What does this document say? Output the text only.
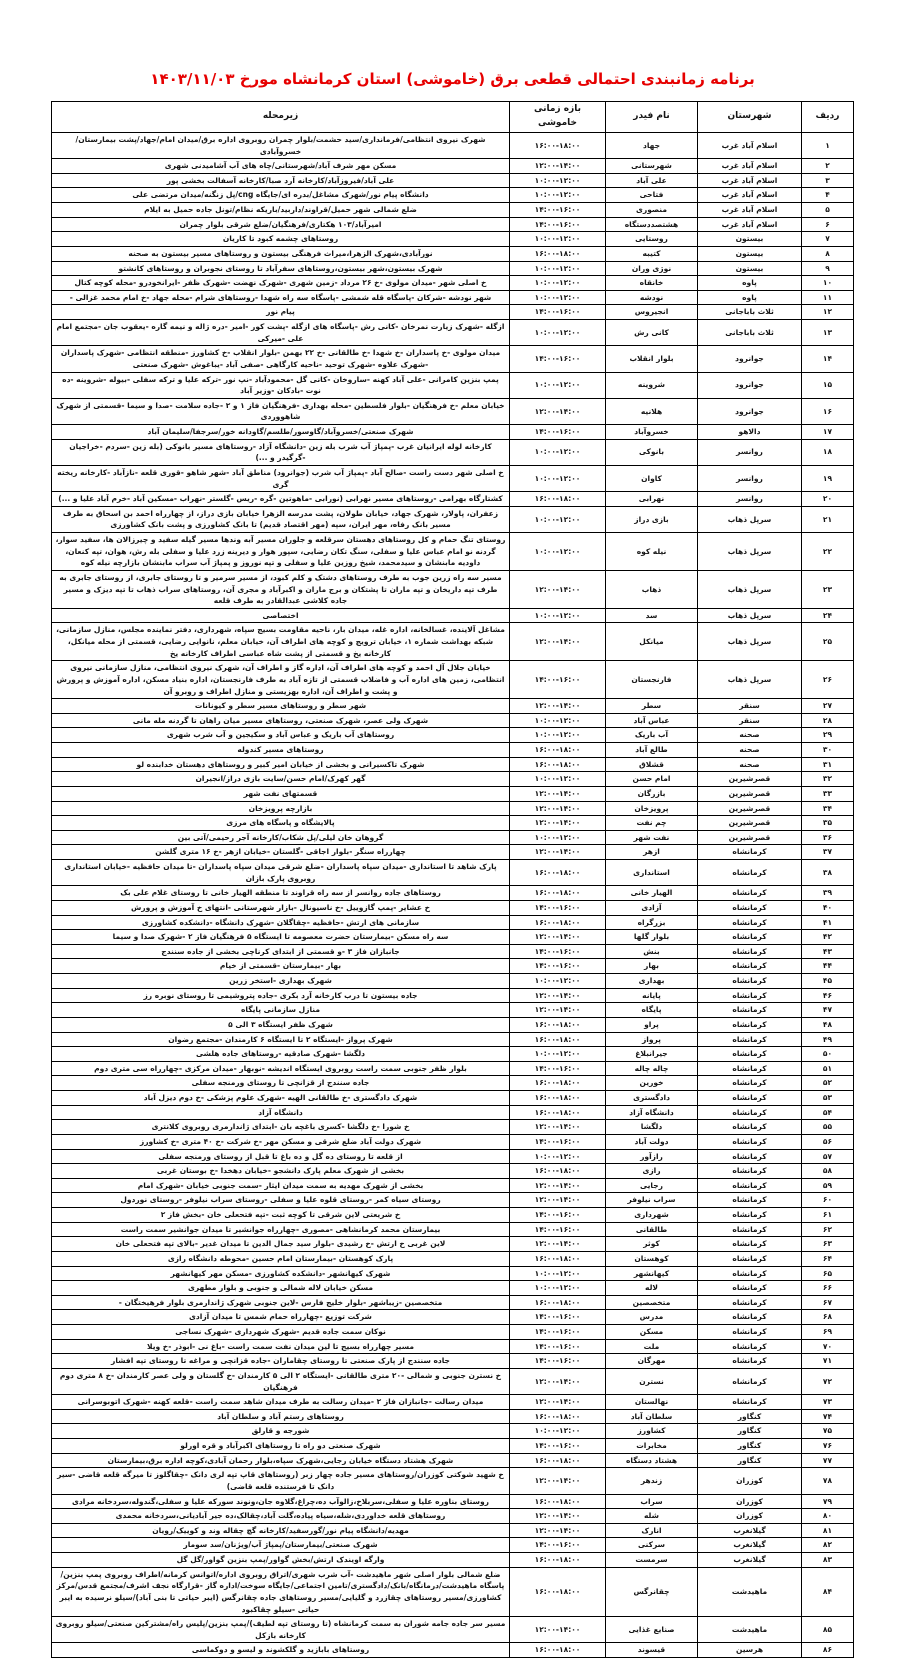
برنامه زمانبندی احتمالی قطعی برق (خاموشی) استان کرمانشاه مورخ ۱۴۰۳/۱۱/۰۳
ردیف	شهرستان	نام فیدر	بازه زمانی خاموشی	زیرمحله
۱	اسلام آباد غرب	جهاد	۱۶:۰۰-۱۸:۰۰	شهرک نیروی انتظامی/فرمانداری/سید حشمت/بلوار چمران روبروی اداره برق/میدان امام/جهاد/پشت بیمارستان/خسروآبادی
۲	اسلام آباد غرب	شهرستانی	۱۲:۰۰-۱۴:۰۰	مسکن مهر شرف آباد/شهرستانی/چاه های آب آشامیدنی شهری
۳	اسلام آباد غرب	علی آباد	۱۰:۰۰-۱۲:۰۰	علی آباد/فیروزآباد/کارخانه آرد صبا/کارخانه آسفالت بخشی پور
۴	اسلام آباد غرب	فتاحی	۱۰:۰۰-۱۲:۰۰	دانشگاه پیام نور/شهرک مشاغل/بدره ای/جایگاه cng/پل زنگنه/میدان مرتضی علی
۵	اسلام آباد غرب	منصوری	۱۴:۰۰-۱۶:۰۰	ضلع شمالی شهر حمیل/قراوند/داربید/باریکه نظام/تونل جاده حمیل به ایلام
۶	اسلام آباد غرب	هشتصددستگاه	۱۴:۰۰-۱۶:۰۰	امیرآباد/۱۰۳ هکتاری/فرهنگیان/ضلع شرقی بلوار چمران
۷	بیستون	روستایی	۱۰:۰۰-۱۲:۰۰	روستاهای چشمه کبود تا کاریان
۸	بیستون	کتیبه	۱۶:۰۰-۱۸:۰۰	نورآبادی،شهرک الزهرا،میراث فرهنگی بیستون و روستاهای مسیر بیستون به صحنه
۹	بیستون	نوژی وران	۱۰:۰۰-۱۲:۰۰	شهرک بیستون،شهر بیستون،روستاهای سفرآباد تا روستای نجوبران و روستاهای کانشتو
۱۰	پاوه	خانقاه	۱۰:۰۰-۱۲:۰۰	خ اصلی شهر -میدان مولوی -خ ۲۶ مرداد -زمین شهری -شهرک نهضت -شهرک ظفر -ایرانخودرو -محله کوچه کتال
۱۱	پاوه	نودشه	۱۰:۰۰-۱۲:۰۰	شهر نودشه -شرکان -پاسگاه قله شمشی -پاسگاه سه راه شهدا -روستاهای شرام -محله جهاد -خ امام محمد غزالی -
۱۲	ثلاث باباجانی	انجیروس	۱۴:۰۰-۱۶:۰۰	پیام نور
۱۳	ثلاث باباجانی	کانی رش	۱۰:۰۰-۱۲:۰۰	ازگله -شهرک زیارت نمرخان -کانی رش -پاسگاه های ازگله -پشت کور -امیر -دره ژاله و نیمه گاره -یعقوب جان -مجتمع امام علی -میرکی
۱۴	جوانرود	بلوار انقلاب	۱۴:۰۰-۱۶:۰۰	میدان مولوی -خ پاسداران -خ شهدا -خ طالقانی -خ ۲۲ بهمن -بلوار انقلاب -خ کشاورز -منطقه انتظامی -شهرک پاسداران -شهرک علاوه -شهرک توحید -ناحیه کارگاهی -صفی آباد -یباغوش -شهرک صنعتی
۱۵	جوانرود	شروینه	۱۰:۰۰-۱۲:۰۰	پمپ بنزین کامرانی -علی آباد کهنه -ساروخان -کانی گل -محمودآباد -نپ نور -ترکه علیا و ترکه سفلی -بیوله -شروینه -ده نوت -بادکان -وزیر آباد
۱۶	جوانرود	هلانیه	۱۲:۰۰-۱۴:۰۰	خیابان معلم -خ فرهنگیان -بلوار فلسطین -محله بهداری -فرهنگیان فاز ۱ و ۲ -جاده سلامت -صدا و سیما -قسمتی از شهرک شاهووردی
۱۷	دالاهو	خسروآباد	۱۴:۰۰-۱۶:۰۰	شهرک صنعتی/خسروآباد/گاوسور/طلسم/گاودانه خور/سرجفا/سلیمان آباد
۱۸	روانسر	بانوکی	۱۰:۰۰-۱۲:۰۰	کارخانه لوله ایرانیان غرب -پمپاژ آب شرب بله زین -دانشگاه آزاد -روستاهای مسیر بانوکی (بله زین -سردم -خراجیان -گرگیدر و ...)
۱۹	روانسر	کاوان	۱۰:۰۰-۱۲:۰۰	خ اصلی شهر دست راست -صالح آباد -پمپاژ آب شرب (جوانرود) مناطق آباد -شهر شاهو -قوری قلعه -نازآباد -کارخانه ریخته گری
۲۰	روانسر	نهرابی	۱۶:۰۰-۱۸:۰۰	کشتارگاه بهرامی -روستاهای مسیر نهرابی (نورابی -ماهوتین -گره -ریس -گلستر -نهراب -مسکین آباد -خرم آباد علیا و ...)
۲۱	سرپل ذهاب	بازی دراز	۱۰:۰۰-۱۲:۰۰	زعفران، پاولار، شهرک جهاد، خیابان طولان، پشت مدرسه الزهرا خیابان بازی دراز، از چهارراه احمد بن اسحاق به طرف مسیر بانک رفاه، مهر ایران، سپه (مهر اقتصاد قدیم) تا بانک کشاورزی و پشت بانک کشاورزی
۲۲	سرپل ذهاب	نیله کوه	۱۰:۰۰-۱۲:۰۰	روستای تنگ حمام و کل روستاهای دهستان سرقلعه و جلوران مسیر آبه وندها مسیر گیله سفید و چیرزالان ها، سفید سوار، گردنه نو امام عباس علیا و سفلی، سنگ تکان رضایی، سپور هوار و دیرینه زرد علیا و سفلی بله رش، هوان، تپه کنعان، داودیه مابنشان و سیدمحمد، شیخ روزین علیا و سفلی و تپه نوروز و پمپاژ آب سراب مابنشان بازارچه نیله کوه
۲۳	سرپل ذهاب	ذهاب	۱۲:۰۰-۱۴:۰۰	مسیر سه راه زرین جوب به طرف روستاهای دشتک و کلم کبود، از مسیر سرمیر و تا روستای جابری، از روستای جابری به طرف تپه داریخان و تپه ماران تا پشتکان و برج ماران و اکبرآباد و مجری آن، روستاهای سراب ذهاب تا تپه دیزک و مسیر جاده کلاشی عبدالقادر به طرف قلعه
۲۴	سرپل ذهاب	سد	۱۰:۰۰-۱۲:۰۰	اختصاصی
۲۵	سرپل ذهاب	میانکل	۱۲:۰۰-۱۴:۰۰	مشاغل آلاینده، غسالخانه، اداره غله، میدان بار، ناحیه مقاومت بسیج سپاه، شهرداری، دفتر نماینده مجلس، منازل سازمانی، شبکه بهداشت شماره ۱، خیابان ترویج و کوچه های اطراف آن، خیابان معلم، نانوایی رضایی، قسمتی از محله میانکل، کارخانه یخ و قسمتی از پشت شاه عباسی اطراف کارخانه یخ
۲۶	سرپل ذهاب	فارنجستان	۱۴:۰۰-۱۶:۰۰	خیابان جلال آل احمد و کوچه های اطراف آن، اداره گاز و اطراف آن، شهرک نیروی انتظامی، منازل سازمانی نیروی انتظامی، زمین های اداره آب و فاضلاب قسمتی از تازه آباد به طرف فارنجستان، اداره بنیاد مسکن، اداره آموزش و پرورش و پشت و اطراف آن، اداره بهزیستی و منازل اطراف و روبرو آن
۲۷	سنقر	سطر	۱۲:۰۰-۱۴:۰۰	شهر سطر و روستاهای مسیر سطر و کیونانات
۲۸	سنقر	عباس آباد	۱۰:۰۰-۱۲:۰۰	شهرک ولی عصر، شهرک صنعتی، روستاهای مسیر میان راهان تا گردنه مله مانی
۲۹	صحنه	آب باریک	۱۰:۰۰-۱۲:۰۰	روستاهای آب باریک و عباس آباد و سکیجین و آب شرب شهری
۳۰	صحنه	طالع آباد	۱۶:۰۰-۱۸:۰۰	روستاهای مسیر کندوله
۳۱	صحنه	قشلاق	۱۶:۰۰-۱۸:۰۰	شهرک تاکسیرانی و بخشی از خیابان امیر کبیر و روستاهای دهستان خدابنده لو
۳۲	قصرشیرین	امام حسن	۱۰:۰۰-۱۲:۰۰	گهر کهرک/امام حسن/سایت بازی دراز/انجیران
۳۳	قصرشیرین	بازرگان	۱۲:۰۰-۱۴:۰۰	قسمتهای نفت شهر
۳۴	قصرشیرین	پرویزخان	۱۲:۰۰-۱۴:۰۰	بازارچه پرویزخان
۳۵	قصرشیرین	چم نفت	۱۲:۰۰-۱۴:۰۰	پالایشگاه و پاسگاه های مرزی
۳۶	قصرشیرین	نفت شهر	۱۰:۰۰-۱۲:۰۰	گروهان خان لیلی/پل شکاب/کارخانه آجر رحیمی/آتی بین
۳۷	کرمانشاه	ازهر	۱۲:۰۰-۱۴:۰۰	چهارراه سنگر -بلوار اجاقی -گلستان -خیابان ازهر -خ ۱۶ متری گلشن
۳۸	کرمانشاه	استانداری	۱۶:۰۰-۱۸:۰۰	پارک شاهد تا استانداری -میدان سپاه پاسداران -ضلع شرقی میدان سپاه پاسداران -تا میدان حافظیه -خیابان استانداری روبروی پارک بازان
۳۹	کرمانشاه	الهیار خانی	۱۶:۰۰-۱۸:۰۰	روستاهای جاده روانسر از سه راه قراوند تا منطقه الهیار خانی تا روستای غلام علی بک
۴۰	کرمانشاه	آزادی	۱۴:۰۰-۱۶:۰۰	خ عشایر -پمپ گازوییل -خ ناسیونال -بازار شهرستانی -انتهای خ آموزش و پرورش
۴۱	کرمانشاه	بزرگراه	۱۶:۰۰-۱۸:۰۰	سازمانی های ارتش -حافظیه -چقاگلان -شهرک دانشگاه -دانشکده کشاورزی
۴۲	کرمانشاه	بلوار گلها	۱۲:۰۰-۱۴:۰۰	سه راه مسکن -بیمارستان حضرت معصومه تا ایستگاه ۵ فرهنگیان فاز ۲ -شهرک صدا و سیما
۴۳	کرمانشاه	بنش	۱۴:۰۰-۱۶:۰۰	جانبازان فاز ۳ -و قسمتی از ابتدای کرناچی بخشی از جاده سنندج
۴۴	کرمانشاه	بهار	۱۴:۰۰-۱۶:۰۰	بهار -بیمارستان -قسمتی از خیام
۴۵	کرمانشاه	بهداری	۱۰:۰۰-۱۲:۰۰	شهرک بهداری -استخر زرین
۴۶	کرمانشاه	پایانه	۱۲:۰۰-۱۴:۰۰	جاده بیستون تا درب کارخانه آرد بکری -جاده پتروشیمی تا روستای نوبره رز
۴۷	کرمانشاه	پایگاه	۱۲:۰۰-۱۴:۰۰	منازل سازمانی پایگاه
۴۸	کرمانشاه	پراو	۱۶:۰۰-۱۸:۰۰	شهرک ظفر ایستگاه ۳ الی ۵
۴۹	کرمانشاه	پرواز	۱۶:۰۰-۱۸:۰۰	شهرک پرواز -ایستگاه ۲ تا ایستگاه ۶ کارمندان -مجتمع رضوان
۵۰	کرمانشاه	جیرانبلاغ	۱۰:۰۰-۱۲:۰۰	دلگشا -شهرک صادقیه -روستاهای جاده هلشی
۵۱	کرمانشاه	چاله چاله	۱۴:۰۰-۱۶:۰۰	بلوار ظفر جنوبی سمت راست روبروی ایستگاه اندیشه -نوبهار -میدان مرکزی -چهارراه سی متری دوم
۵۲	کرمانشاه	خورین	۱۶:۰۰-۱۸:۰۰	جاده سنندج از قزانچی تا روستای ورمنجه سفلی
۵۳	کرمانشاه	دادگستری	۱۶:۰۰-۱۸:۰۰	شهرک دادگستری -خ طالقانی الهیه -شهرک علوم پزشکی -خ دوم دیزل آباد
۵۴	کرمانشاه	دانشگاه آزاد	۱۶:۰۰-۱۸:۰۰	دانشگاه آزاد
۵۵	کرمانشاه	دلگشا	۱۲:۰۰-۱۴:۰۰	خ شورا -خ دلگشا -کسری باغچه بان -ابتدای ژاندارمری روبروی کلانتری
۵۶	کرمانشاه	دولت آباد	۱۴:۰۰-۱۶:۰۰	شهرک دولت آباد ضلع شرقی و مسکن مهر -خ شرکت -خ ۴۰ متری -خ کشاورز
۵۷	کرمانشاه	رازآور	۱۰:۰۰-۱۲:۰۰	از قلعه تا روستای ده گل و ده باغ تا قبل از روستای ورمنجه سفلی
۵۸	کرمانشاه	رازی	۱۶:۰۰-۱۸:۰۰	بخشی از شهرک معلم پارک دانشجو -خیابان دهخدا -خ بوستان غربی
۵۹	کرمانشاه	رجایی	۱۲:۰۰-۱۴:۰۰	بخشی از شهرک مهدیه به سمت میدان ایثار -سمت جنوبی خیابان -شهرک امام
۶۰	کرمانشاه	سراب نیلوفر	۱۲:۰۰-۱۴:۰۰	روستای سیاه کمر -روستای قلوه علیا و سفلی -روستای سراب نیلوفر -روستای نوردول
۶۱	کرمانشاه	شهرداری	۱۴:۰۰-۱۶:۰۰	خ شریعتی لاین شرقی تا کوچه ثبت -تپه فتحعلی خان -بخش فاز ۲
۶۲	کرمانشاه	طالقانی	۱۴:۰۰-۱۶:۰۰	بیمارستان محمد کرمانشاهی -مصوری -چهارراه جوانشیر تا میدان جوانشیر سمت راست
۶۳	کرمانشاه	کوثر	۱۲:۰۰-۱۴:۰۰	لاین غربی خ ارتش -خ رشیدی -بلوار سید جمال الدین تا میدان غدیر -بالای تپه فتحعلی خان
۶۴	کرمانشاه	کوهستان	۱۶:۰۰-۱۸:۰۰	پارک کوهستان -بیمارستان امام حسین -محوطه دانشگاه رازی
۶۵	کرمانشاه	کیهانشهر	۱۰:۰۰-۱۲:۰۰	شهرک کیهانشهر -دانشکده کشاورزی -مسکن مهر کیهانشهر
۶۶	کرمانشاه	لاله	۱۰:۰۰-۱۲:۰۰	مسکن خیابان لاله شمالی و جنوبی و بلوار مطهری
۶۷	کرمانشاه	متخصصین	۱۶:۰۰-۱۸:۰۰	متخصصین -زیباشهر -بلوار خلیج فارس -لاین جنوبی شهرک ژاندارمری بلوار فرهیختگان -
۶۸	کرمانشاه	مدرس	۱۴:۰۰-۱۶:۰۰	شرکت توزیع -چهارراه حمام شمس تا میدان آزادی
۶۹	کرمانشاه	مسکن	۱۴:۰۰-۱۶:۰۰	نوکان سمت جاده قدیم -شهرک شهرداری -شهرک نساجی
۷۰	کرمانشاه	ملت	۱۴:۰۰-۱۶:۰۰	مسیر چهارراه بسیج تا لین میدان نفت سمت راست -باغ نی -ابوذر -خ ویلا
۷۱	کرمانشاه	مهرگان	۱۴:۰۰-۱۶:۰۰	جاده سنندج از پارک صنعتی تا روستای چقاماران -جاده قزانچی و مراغه تا روستای تپه افشار
۷۲	کرمانشاه	نسترن	۱۲:۰۰-۱۴:۰۰	خ نسترن جنوبی و شمالی -۲۰ متری طالقانی -ایستگاه ۲ الی ۵ کارمندان -خ گلستان و ولی عصر کارمندان -خ ۸ متری دوم فرهنگیان
۷۳	کرمانشاه	نهالستان	۱۲:۰۰-۱۴:۰۰	میدان رسالت -جانبازان فاز ۲ -میدان رسالت به طرف میدان شاهد سمت راست -قلعه کهنه -شهرک اتوبوسرانی
۷۴	کنگاور	سلطان آباد	۱۶:۰۰-۱۸:۰۰	روستاهای رستم آباد و سلطان آباد
۷۵	کنگاور	کشاورز	۱۰:۰۰-۱۲:۰۰	شورجه و قارلق
۷۶	کنگاور	مخابرات	۱۴:۰۰-۱۶:۰۰	شهرک صنعتی دو راه تا روستاهای اکبرآباد و قره اورلو
۷۷	کنگاور	هشتاد دستگاه	۱۶:۰۰-۱۸:۰۰	شهرک هشتاد دستگاه خیابان رجایی،شهرک سپاه،بلوار رحمان آبادی،کوچه اداره برق،بیمارستان
۷۸	کوزران	زندهر	۱۲:۰۰-۱۴:۰۰	خ شهید شوکتی کوزران/روستاهای مسیر جاده چهار زبر (روستاهای قاپ تپه لری دانک -چقاگلوز تا میرگه قلعه قاضی -سیر دانک تا فرستنده قلعه قاضی)
۷۹	کوزران	سراب	۱۶:۰۰-۱۸:۰۰	روستای بناوره علیا و سفلی،سربلاخ،زالوآب ده،چراغ،گلاوه جان،ونوند سورکه علیا و سفلی،گندوله،سردخانه مرادی
۸۰	کوزران	شله	۱۲:۰۰-۱۴:۰۰	روستاهای قلعه خداوردی،شله،سیاه پیاده،گلت آباد،چقالک،ده جیر آبادیانی،سردخانه محمدی
۸۱	گیلانغرب	انارک	۱۲:۰۰-۱۴:۰۰	مهدیه/دانشگاه پیام نور/گورسفید/کارخانه گچ چقاله وند و کوییک/رویان
۸۲	گیلانغرب	سرکنی	۱۴:۰۰-۱۶:۰۰	شهرک صنعتی/بیمارستان/پمپاژ آب/ویژنان/سد سومار
۸۳	گیلانغرب	سرمست	۱۶:۰۰-۱۸:۰۰	وارگه اویندک ارتش/بخش گواور/پمپ بنزین گواور/گل گل
۸۴	ماهیدشت	چقانرگس	۱۶:۰۰-۱۸:۰۰	ضلع شمالی بلوار اصلی شهر ماهیدشت -آب شرب شهری/اتراق روبروی اداره/اتوانس کرمانه/اطراف روبروی پمپ بنزین/پاسگاه ماهیدشت/درمانگاه/بانک/دادگستری/تامین اجتماعی/جایگاه سوخت/اداره گاز -قرارگاه نجف اشرف/مجتمع قدس/مرکز کشاورزی/مسیر روستاهای چقازرد و گلیایی/مسیر روستاهای جاده چقانرگس (ایبر حیاتی تا بنی آباد)/سیلو نرسیده به ایبر حیاتی -سیلو چقاکبود
۸۵	ماهیدشت	صنایع غذایی	۱۲:۰۰-۱۴:۰۰	مسیر سر جاده جامه شوران به سمت کرمانشاه (تا روستای تپه لطیف)/پمپ بنزین/پلیس راه/مشترکین صنعتی/سیلو روبروی کارخانه بازکل
۸۶	هرسین	قیسوند	۱۶:۰۰-۱۸:۰۰	روستاهای بابازید و گلکشوند و لیسو و دوکماسی
